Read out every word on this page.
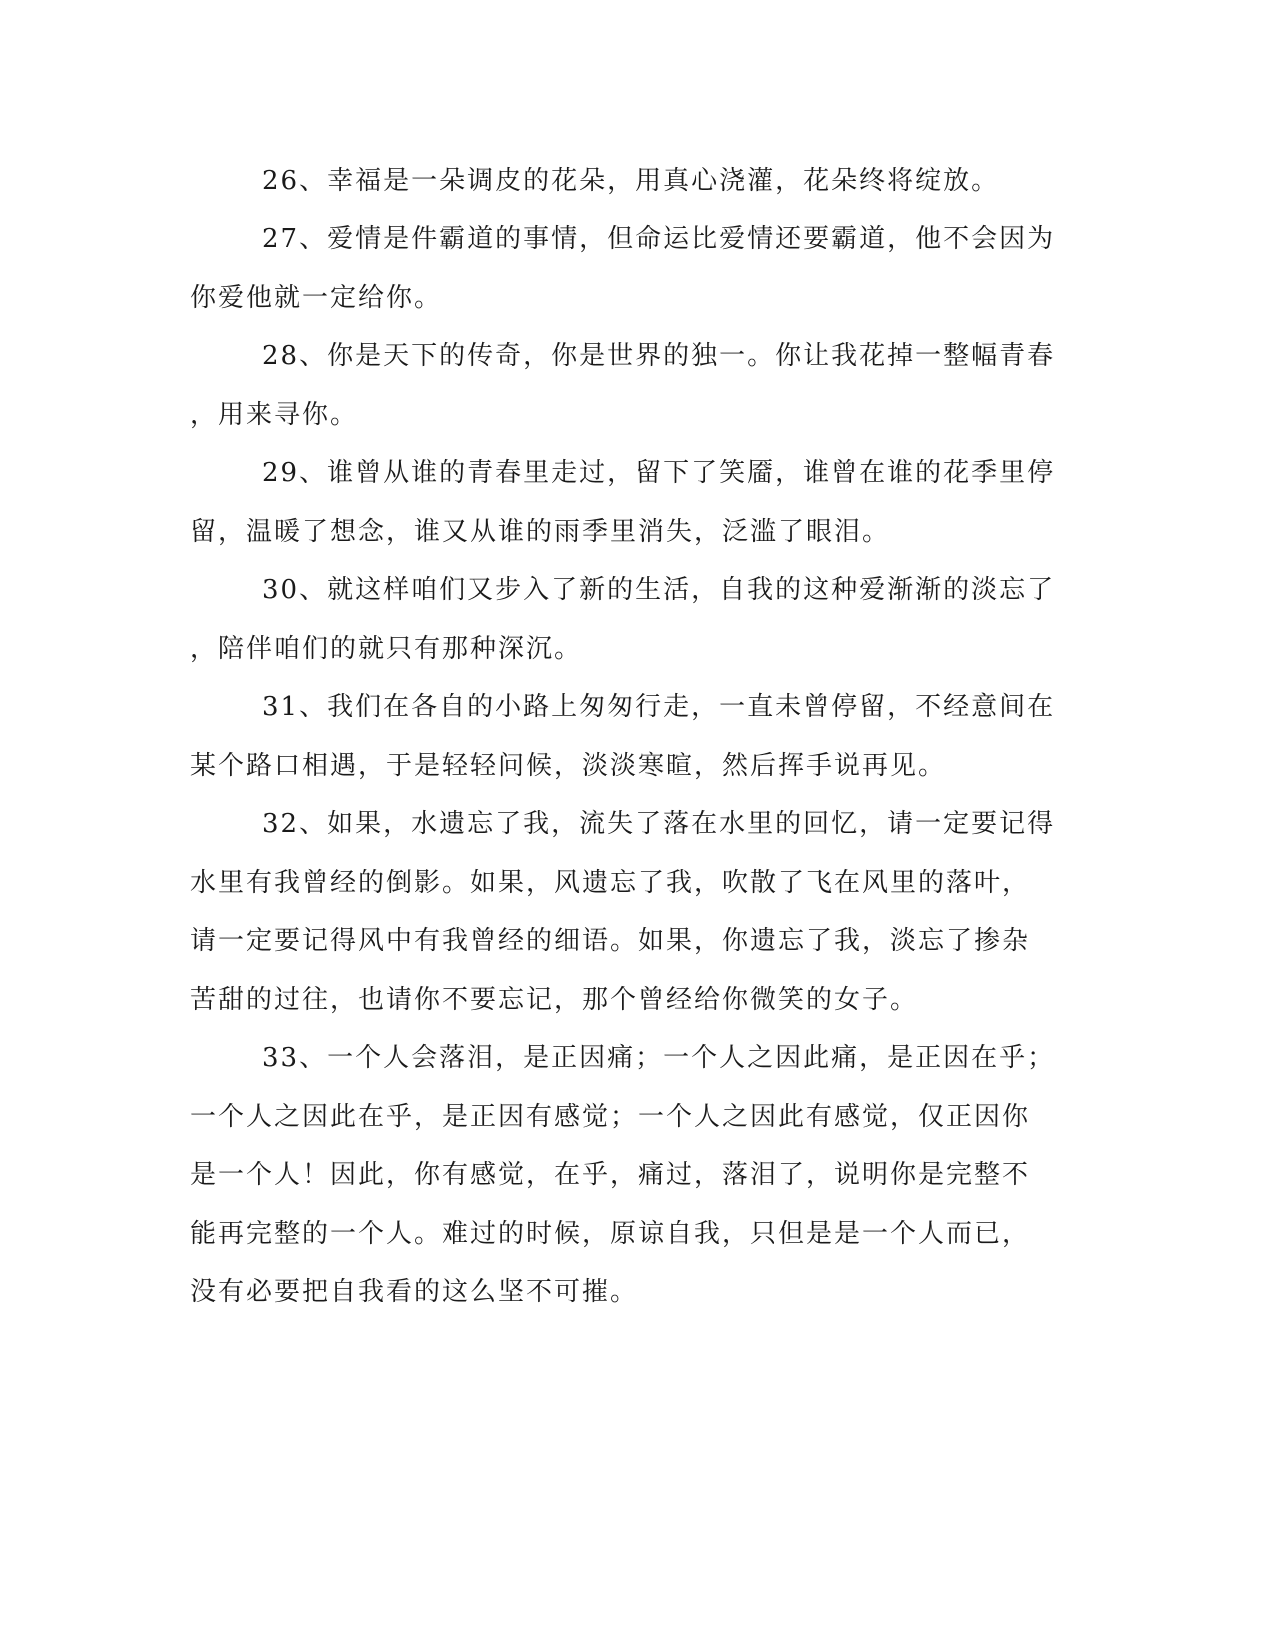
26、幸福是一朵调皮的花朵，用真心浇灌，花朵终将绽放。
27、爱情是件霸道的事情，但命运比爱情还要霸道，他不会因为
你爱他就一定给你。
28、你是天下的传奇，你是世界的独一。你让我花掉一整幅青春
，用来寻你。
29、谁曾从谁的青春里走过，留下了笑靥，谁曾在谁的花季里停
留，温暖了想念，谁又从谁的雨季里消失，泛滥了眼泪。
30、就这样咱们又步入了新的生活，自我的这种爱渐渐的淡忘了
，陪伴咱们的就只有那种深沉。
31、我们在各自的小路上匆匆行走，一直未曾停留，不经意间在
某个路口相遇，于是轻轻问候，淡淡寒暄，然后挥手说再见。
32、如果，水遗忘了我，流失了落在水里的回忆，请一定要记得
水里有我曾经的倒影。如果，风遗忘了我，吹散了飞在风里的落叶，
请一定要记得风中有我曾经的细语。如果，你遗忘了我，淡忘了掺杂
苦甜的过往，也请你不要忘记，那个曾经给你微笑的女子。
33、一个人会落泪，是正因痛；一个人之因此痛，是正因在乎；
一个人之因此在乎，是正因有感觉；一个人之因此有感觉，仅正因你
是一个人！因此，你有感觉，在乎，痛过，落泪了，说明你是完整不
能再完整的一个人。难过的时候，原谅自我，只但是是一个人而已，
没有必要把自我看的这么坚不可摧。
